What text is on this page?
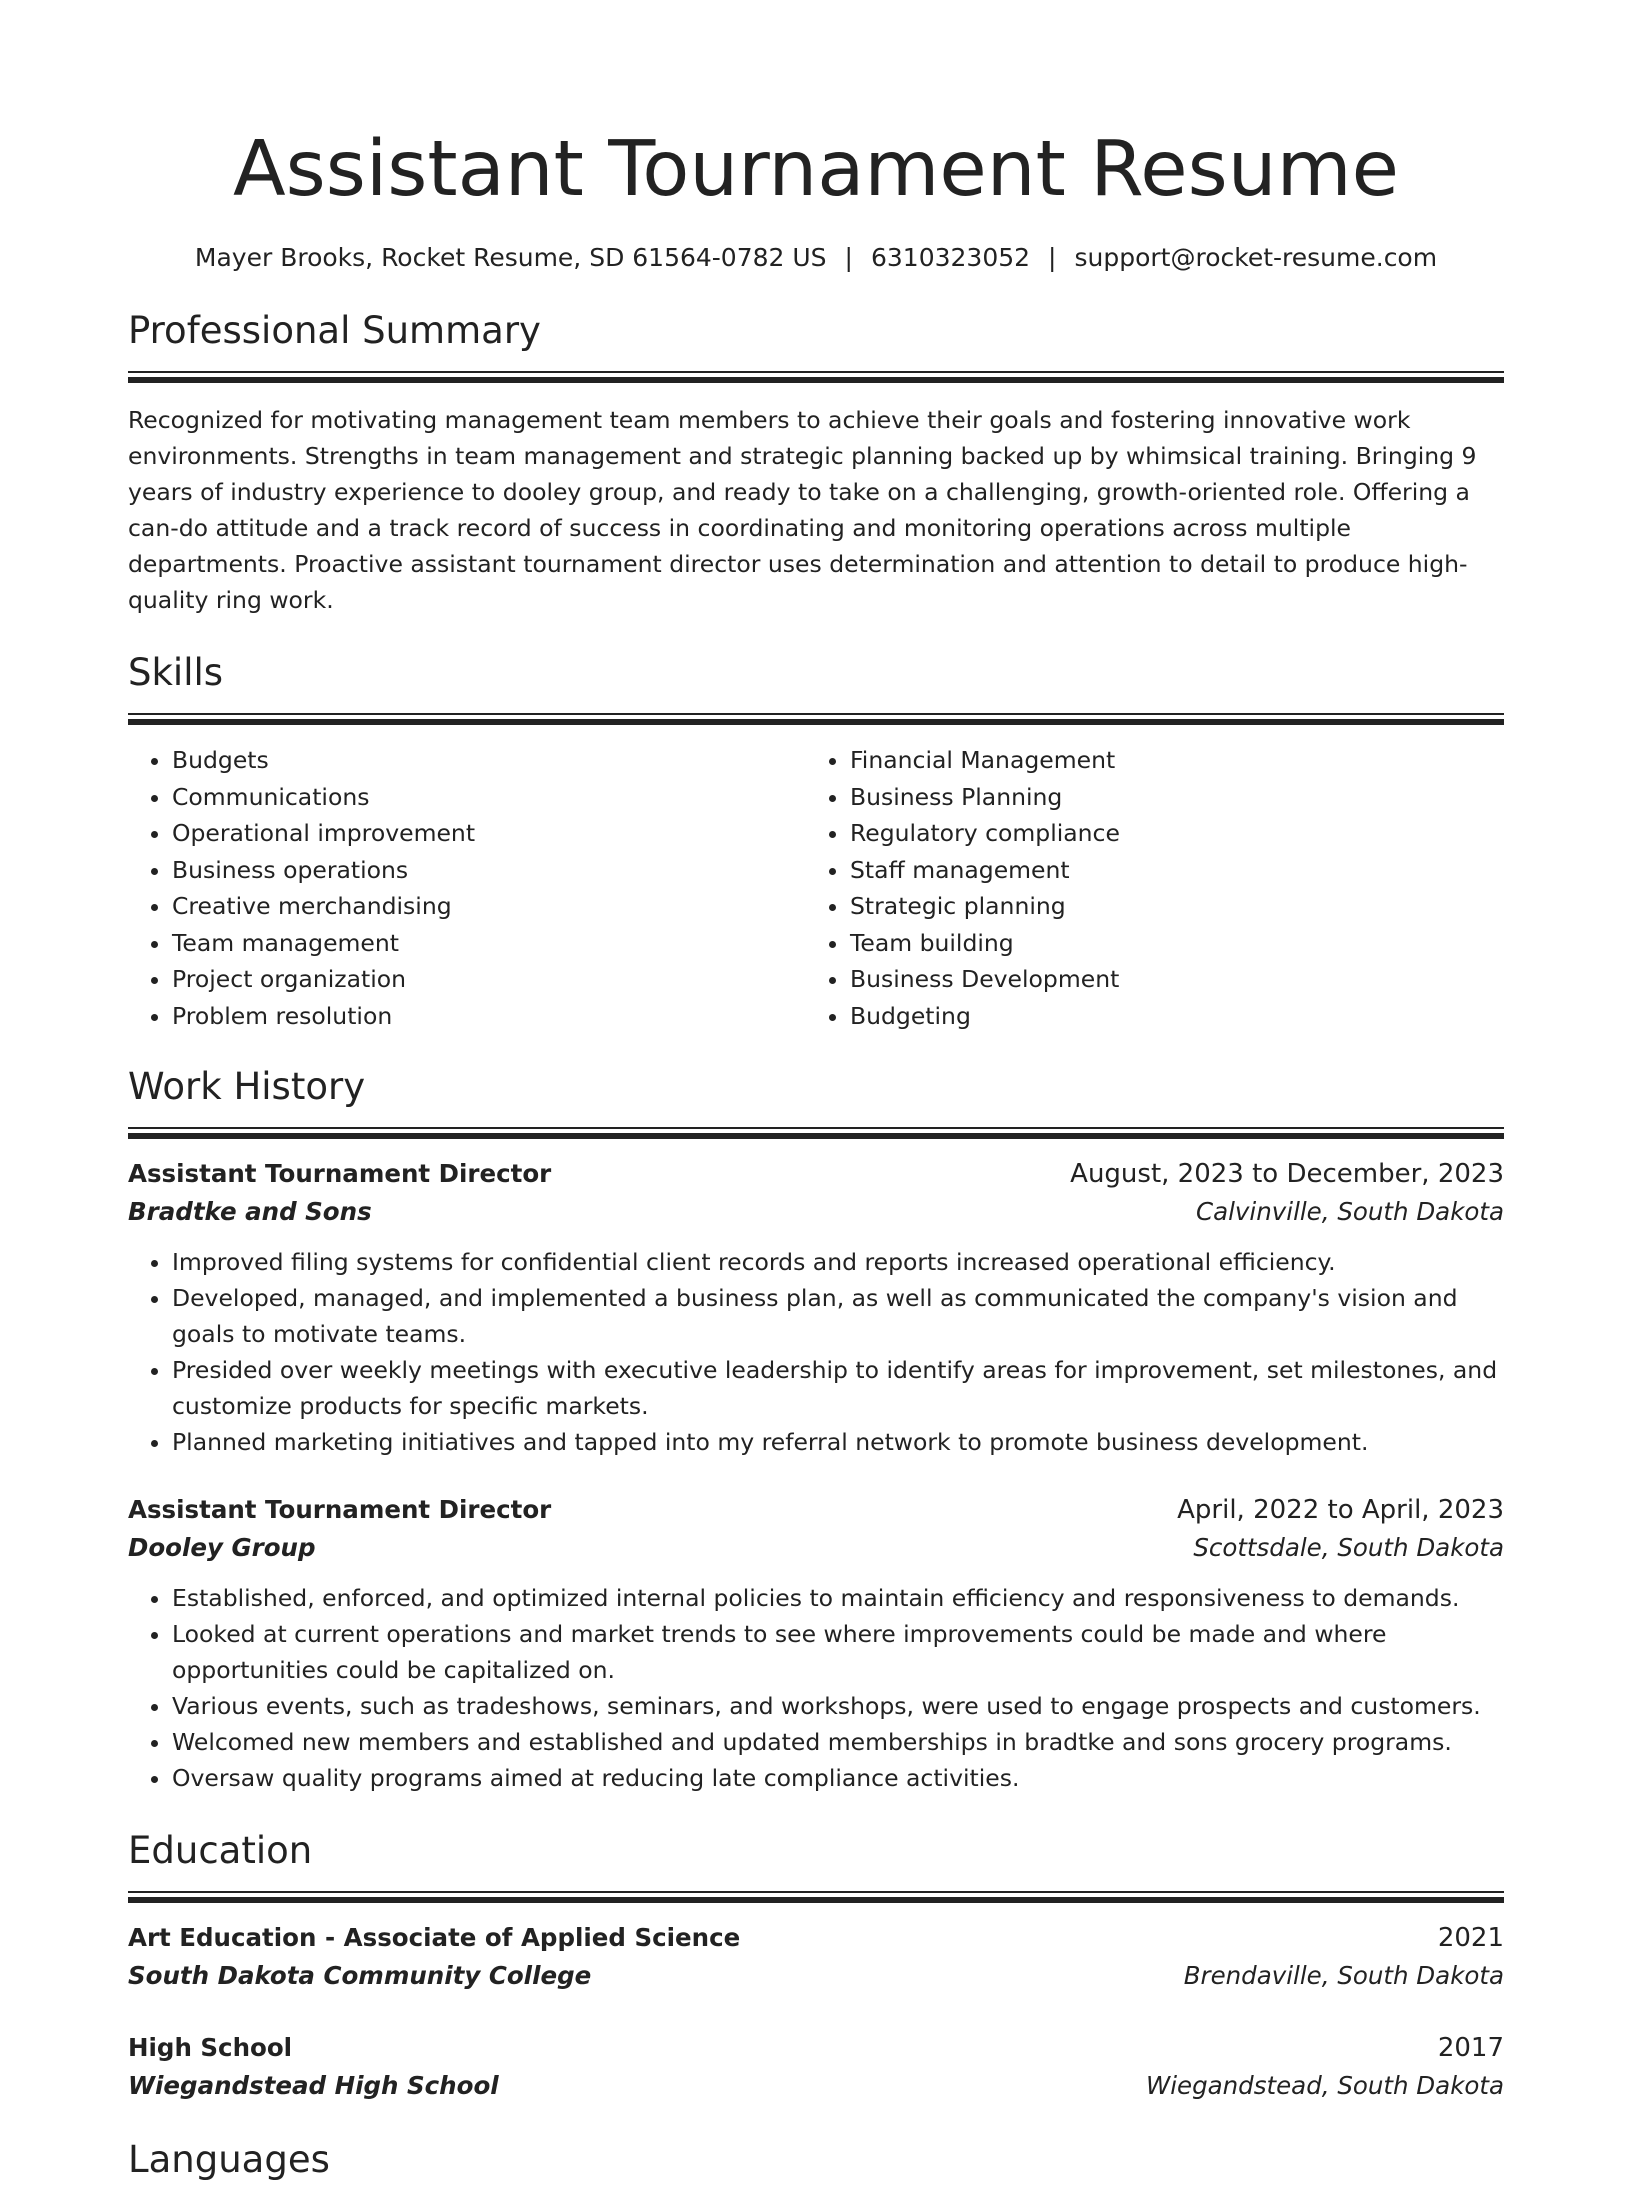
Assistant Tournament Resume
Mayer Brooks, Rocket Resume, SD 61564-0782 US | 6310323052 | support@rocket-resume.com
Professional Summary
Recognized for motivating management team members to achieve their goals and fostering innovative work environments. Strengths in team management and strategic planning backed up by whimsical training. Bringing 9 years of industry experience to dooley group, and ready to take on a challenging, growth-oriented role. Offering a can-do attitude and a track record of success in coordinating and monitoring operations across multiple departments. Proactive assistant tournament director uses determination and attention to detail to produce high-quality ring work.
Skills
• Budgets
• Communications
• Operational improvement
• Business operations
• Creative merchandising
• Team management
• Project organization
• Problem resolution
• Financial Management
• Business Planning
• Regulatory compliance
• Staff management
• Strategic planning
• Team building
• Business Development
• Budgeting
Work History
Assistant Tournament Director	August, 2023 to December, 2023
Bradtke and Sons	Calvinville, South Dakota
• Improved filing systems for confidential client records and reports increased operational efficiency.
• Developed, managed, and implemented a business plan, as well as communicated the company's vision and goals to motivate teams.
• Presided over weekly meetings with executive leadership to identify areas for improvement, set milestones, and customize products for specific markets.
• Planned marketing initiatives and tapped into my referral network to promote business development.
Assistant Tournament Director	April, 2022 to April, 2023
Dooley Group	Scottsdale, South Dakota
• Established, enforced, and optimized internal policies to maintain efficiency and responsiveness to demands.
• Looked at current operations and market trends to see where improvements could be made and where opportunities could be capitalized on.
• Various events, such as tradeshows, seminars, and workshops, were used to engage prospects and customers.
• Welcomed new members and established and updated memberships in bradtke and sons grocery programs.
• Oversaw quality programs aimed at reducing late compliance activities.
Education
Art Education - Associate of Applied Science	2021
South Dakota Community College	Brendaville, South Dakota
High School	2017
Wiegandstead High School	Wiegandstead, South Dakota
Languages
